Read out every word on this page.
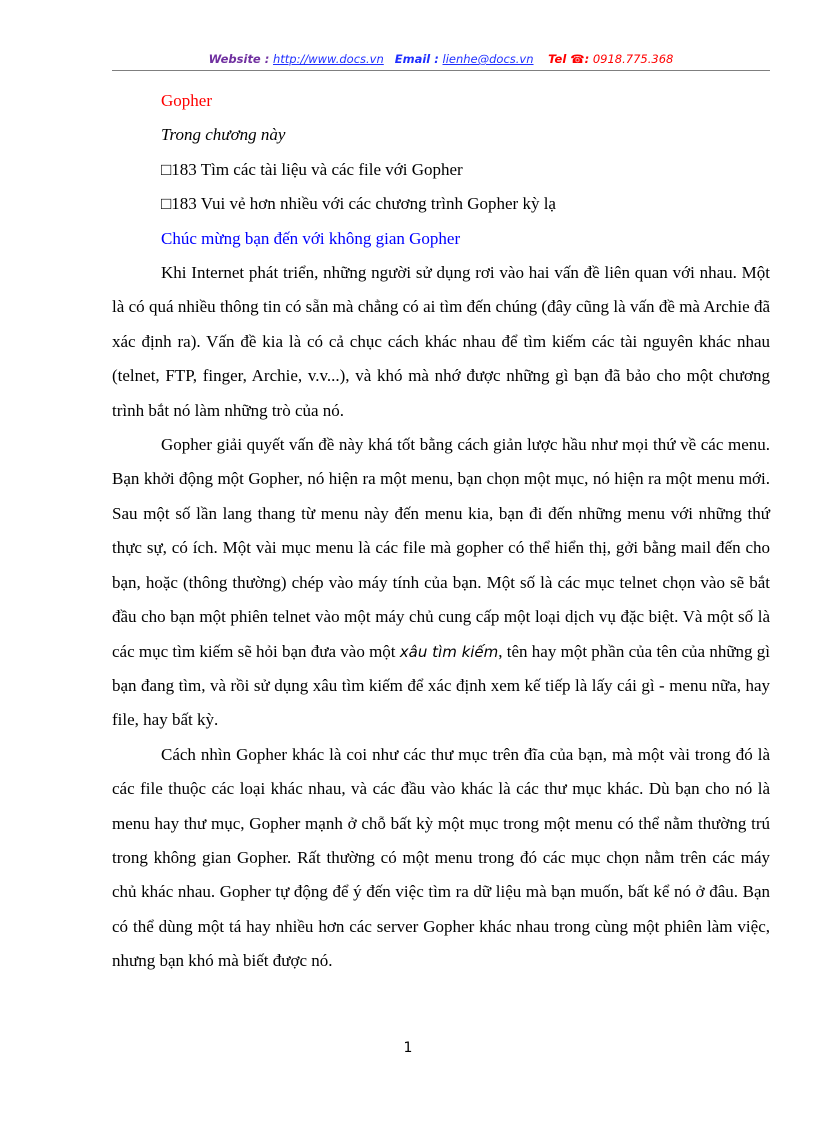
Website : http://www.docs.vn Email : lienhe@docs.vn Tel ☎: 0918.775.368

Gopher

Trong chương này

□183 Tìm các tài liệu và các file với Gopher

□183 Vui vẻ hơn nhiều với các chương trình Gopher kỳ lạ

Chúc mừng bạn đến với không gian Gopher

Khi Internet phát triển, những người sử dụng rơi vào hai vấn đề liên quan với nhau. Một là có quá nhiều thông tin có sẵn mà chẳng có ai tìm đến chúng (đây cũng là vấn đề mà Archie đã xác định ra). Vấn đề kia là có cả chục cách khác nhau để tìm kiếm các tài nguyên khác nhau (telnet, FTP, finger, Archie, v.v...), và khó mà nhớ được những gì bạn đã bảo cho một chương trình bắt nó làm những trò của nó.

Gopher giải quyết vấn đề này khá tốt bằng cách giản lược hầu như mọi thứ về các menu. Bạn khởi động một Gopher, nó hiện ra một menu, bạn chọn một mục, nó hiện ra một menu mới. Sau một số lần lang thang từ menu này đến menu kia, bạn đi đến những menu với những thứ thực sự, có ích. Một vài mục menu là các file mà gopher có thể hiển thị, gởi bằng mail đến cho bạn, hoặc (thông thường) chép vào máy tính của bạn. Một số là các mục telnet chọn vào sẽ bắt đầu cho bạn một phiên telnet vào một máy chủ cung cấp một loại dịch vụ đặc biệt. Và một số là các mục tìm kiếm sẽ hỏi bạn đưa vào một xâu tìm kiếm, tên hay một phần của tên của những gì bạn đang tìm, và rồi sử dụng xâu tìm kiếm để xác định xem kế tiếp là lấy cái gì - menu nữa, hay file, hay bất kỳ.

Cách nhìn Gopher khác là coi như các thư mục trên đĩa của bạn, mà một vài trong đó là các file thuộc các loại khác nhau, và các đầu vào khác là các thư mục khác. Dù bạn cho nó là menu hay thư mục, Gopher mạnh ở chỗ bất kỳ một mục trong một menu có thể nằm thường trú trong không gian Gopher. Rất thường có một menu trong đó các mục chọn nằm trên các máy chủ khác nhau. Gopher tự động để ý đến việc tìm ra dữ liệu mà bạn muốn, bất kể nó ở đâu. Bạn có thể dùng một tá hay nhiều hơn các server Gopher khác nhau trong cùng một phiên làm việc, nhưng bạn khó mà biết được nó.

1
